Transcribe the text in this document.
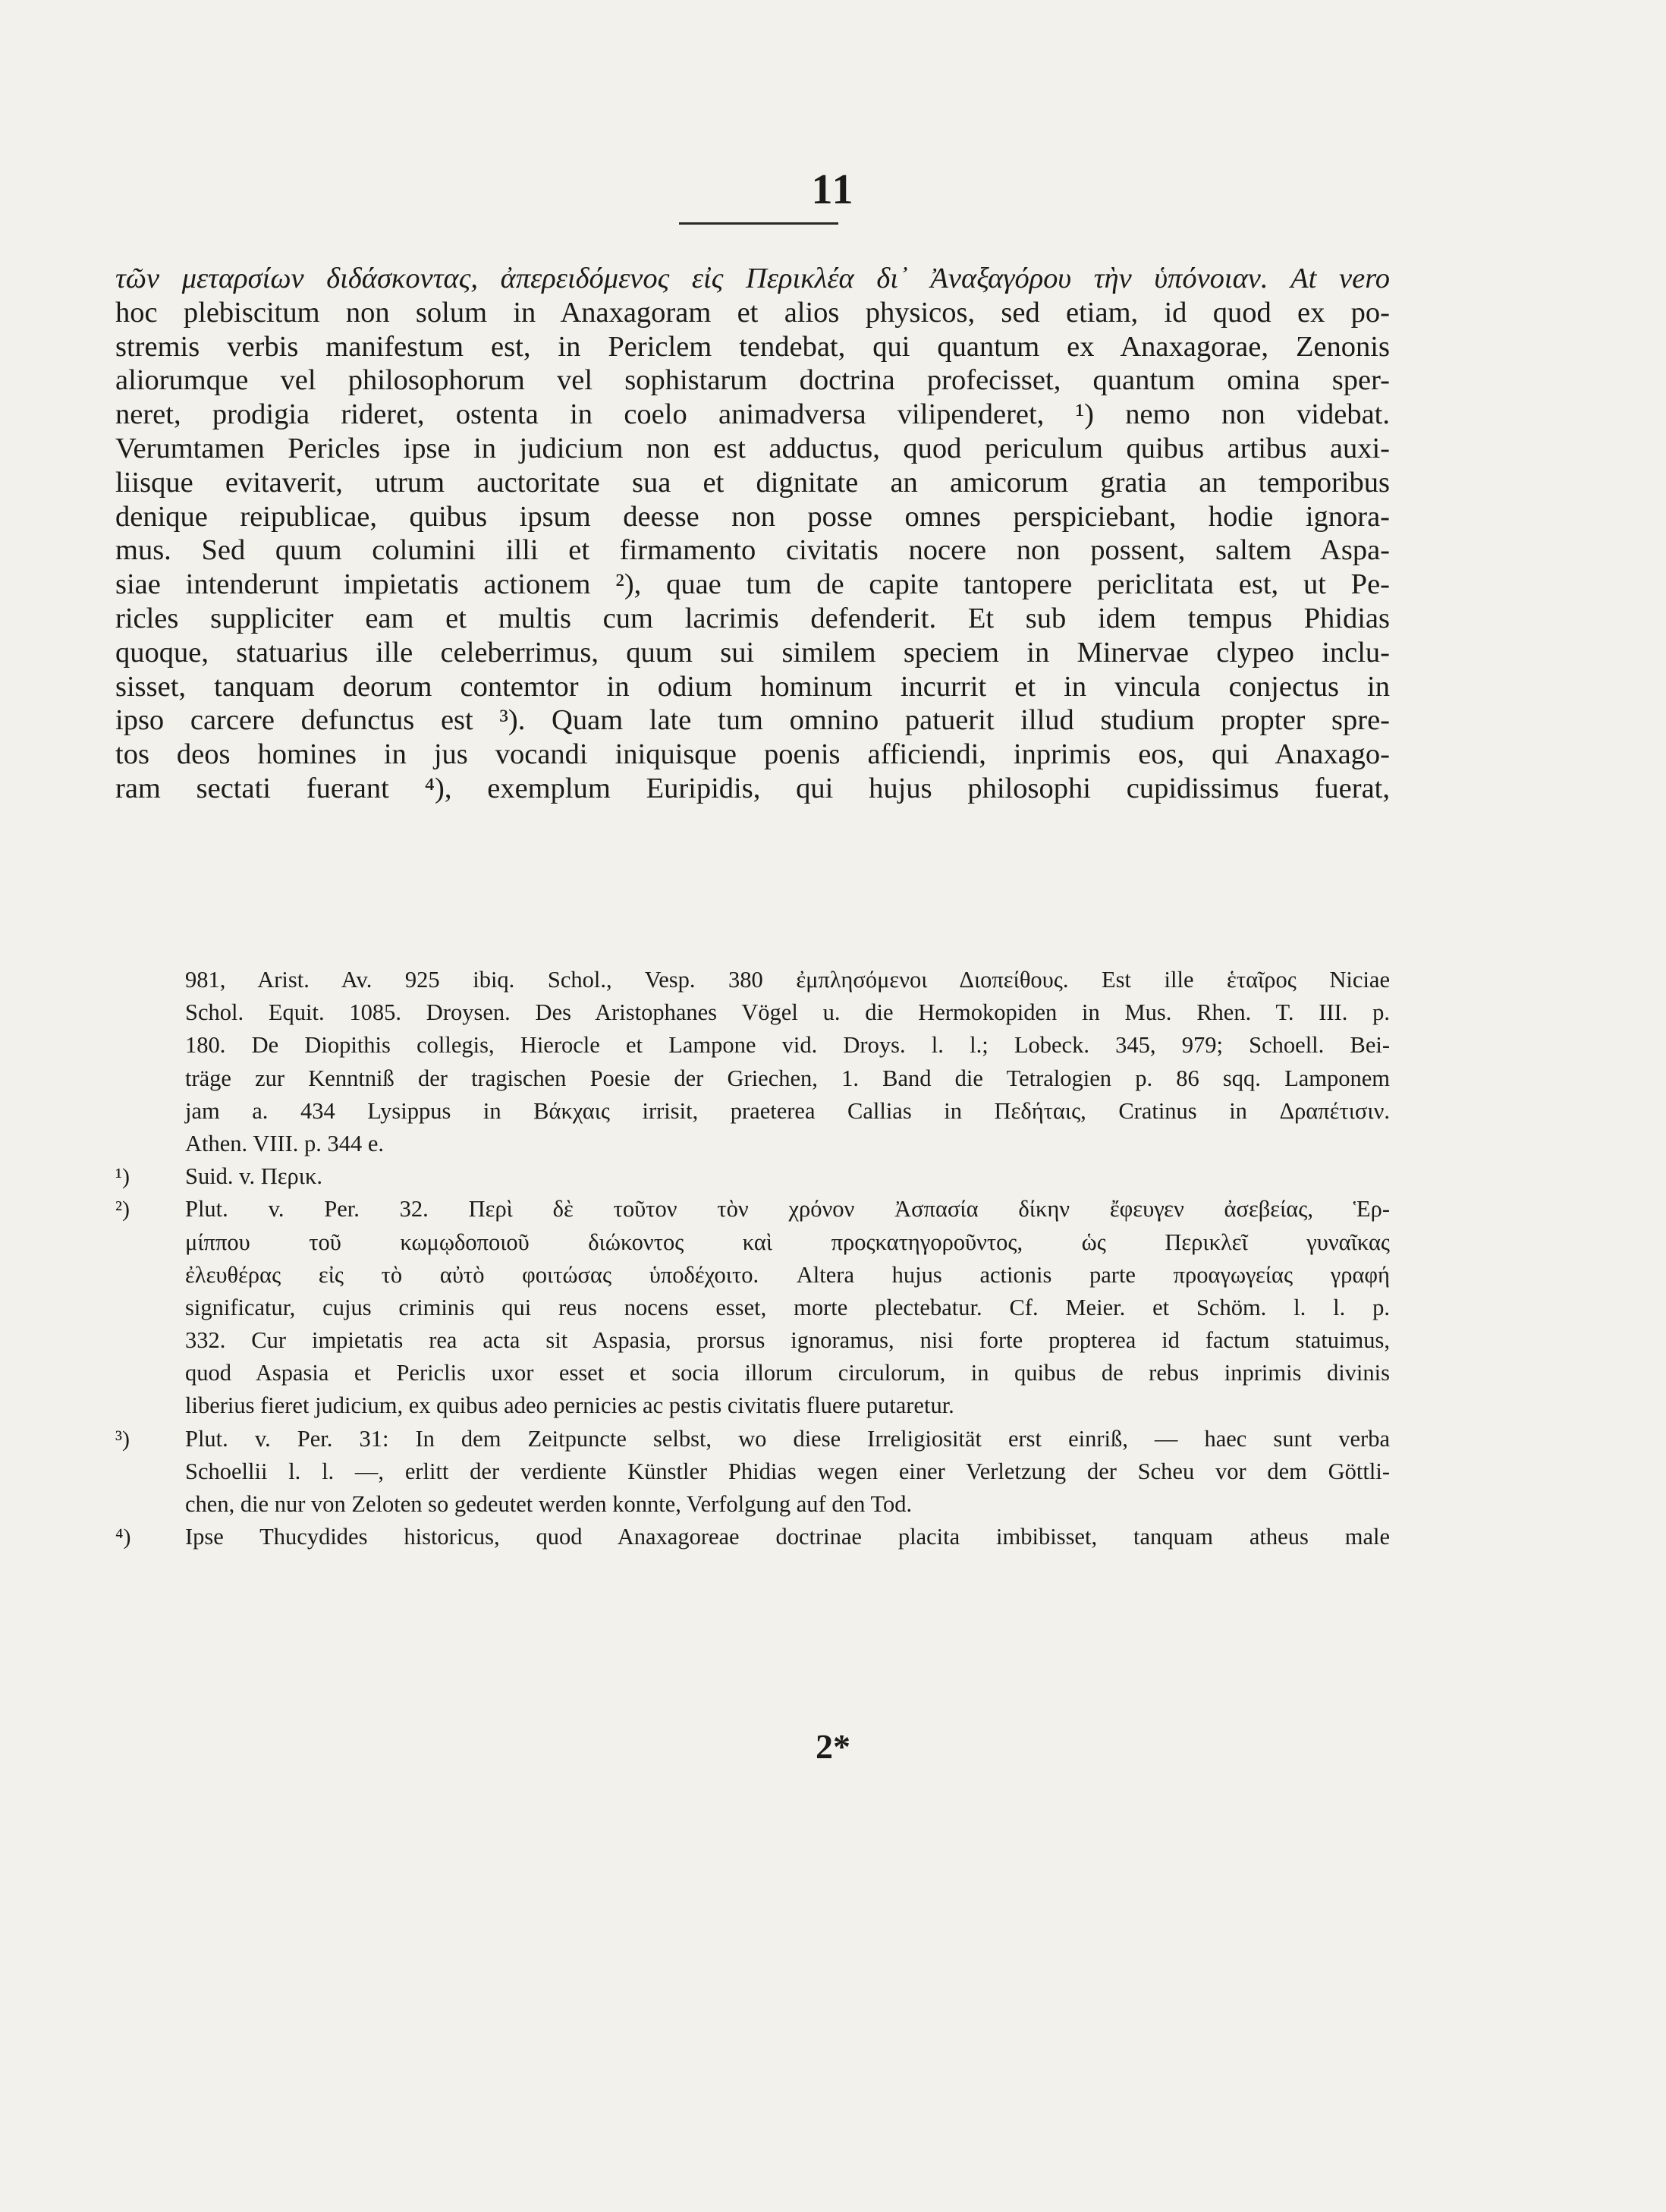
11
τῶν μεταρσίων διδάσκοντας, ἀπερειδόμενος εἰς Περικλέα δι᾽ Ἀναξαγόρου τὴν ὑπόνοιαν. At vero
hoc plebiscitum non solum in Anaxagoram et alios physicos, sed etiam, id quod ex po-
stremis verbis manifestum est, in Periclem tendebat, qui quantum ex Anaxagorae, Zenonis
aliorumque vel philosophorum vel sophistarum doctrina profecisset, quantum omina sper-
neret, prodigia rideret, ostenta in coelo animadversa vilipenderet, ¹) nemo non videbat.
Verumtamen Pericles ipse in judicium non est adductus, quod periculum quibus artibus auxi-
liisque evitaverit, utrum auctoritate sua et dignitate an amicorum gratia an temporibus
denique reipublicae, quibus ipsum deesse non posse omnes perspiciebant, hodie ignora-
mus. Sed quum columini illi et firmamento civitatis nocere non possent, saltem Aspa-
siae intenderunt impietatis actionem ²), quae tum de capite tantopere periclitata est, ut Pe-
ricles suppliciter eam et multis cum lacrimis defenderit. Et sub idem tempus Phidias
quoque, statuarius ille celeberrimus, quum sui similem speciem in Minervae clypeo inclu-
sisset, tanquam deorum contemtor in odium hominum incurrit et in vincula conjectus in
ipso carcere defunctus est ³). Quam late tum omnino patuerit illud studium propter spre-
tos deos homines in jus vocandi iniquisque poenis afficiendi, inprimis eos, qui Anaxago-
ram sectati fuerant ⁴), exemplum Euripidis, qui hujus philosophi cupidissimus fuerat,
981, Arist. Av. 925 ibiq. Schol., Vesp. 380 ἐμπλησόμενοι Διοπείθους. Est ille ἑταῖρος Niciae
Schol. Equit. 1085. Droysen. Des Aristophanes Vögel u. die Hermokopiden in Mus. Rhen. T. III. p.
180. De Diopithis collegis, Hierocle et Lampone vid. Droys. l. l.; Lobeck. 345, 979; Schoell. Bei-
träge zur Kenntniß der tragischen Poesie der Griechen, 1. Band die Tetralogien p. 86 sqq. Lamponem
jam a. 434 Lysippus in Βάκχαις irrisit, praeterea Callias in Πεδήταις, Cratinus in Δραπέτισιν.
Athen. VIII. p. 344 e.
¹)	Suid. v. Περικ.
²)	Plut. v. Per. 32. Περὶ δὲ τοῦτον τὸν χρόνον Ἀσπασία δίκην ἔφευγεν ἀσεβείας, Ἑρ-
μίππου τοῦ κωμῳδοποιοῦ διώκοντος καὶ προςκατηγοροῦντος, ὡς Περικλεῖ γυναῖκας
ἐλευθέρας εἰς τὸ αὐτὸ φοιτώσας ὑποδέχοιτο. Altera hujus actionis parte προαγωγείας γραφή
significatur, cujus criminis qui reus nocens esset, morte plectebatur. Cf. Meier. et Schöm. l. l. p.
332. Cur impietatis rea acta sit Aspasia, prorsus ignoramus, nisi forte propterea id factum statuimus,
quod Aspasia et Periclis uxor esset et socia illorum circulorum, in quibus de rebus inprimis divinis
liberius fieret judicium, ex quibus adeo pernicies ac pestis civitatis fluere putaretur.
³)	Plut. v. Per. 31: In dem Zeitpuncte selbst, wo diese Irreligiosität erst einriß, — haec sunt verba
Schoellii l. l. —, erlitt der verdiente Künstler Phidias wegen einer Verletzung der Scheu vor dem Göttli-
chen, die nur von Zeloten so gedeutet werden konnte, Verfolgung auf den Tod.
⁴)	Ipse Thucydides historicus, quod Anaxagoreae doctrinae placita imbibisset, tanquam atheus male
2*
